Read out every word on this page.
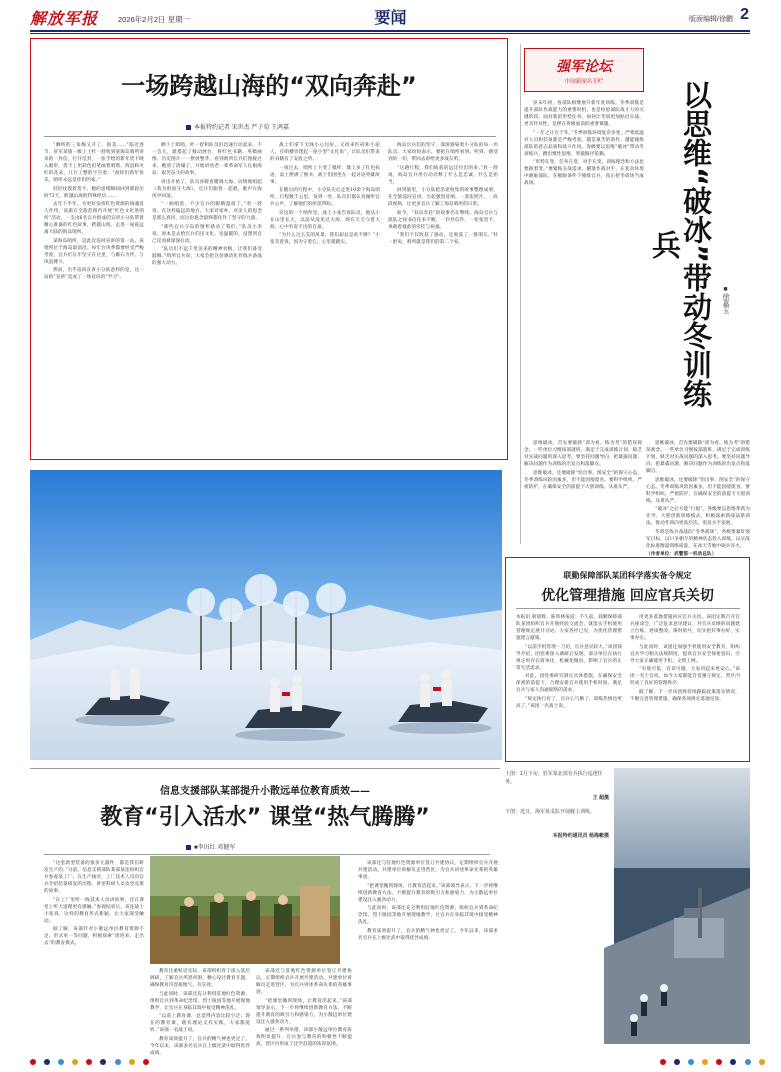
解放军报	2026年2月2日 星期一	要闻	版面编辑/徐鹏 2
一场跨越山海的“双向奔赴”
本报特约记者 宋世杰 严子荀 王鸿嘉

“晒所的三角梅又开了，很美……”临近春节，驻军某旅一级上士杜一舒收到某海岛哨所寄来的一封信，打开信封，一张手绘的新年贺卡映入眼帘，贺卡上用彩色铅笔画着哨塔、海浪和火红的花朵，几行工整的字写着：“祝你们新年快乐，哨所永远是你们的家。”

轻轻抚摸着贺卡，她的思绪瞬间回到那段历时72天、跨越山海的特殊经历……

去年下半年，为更好发挥红色资源的铸魂育人作用，该旅在全旅范围内开展“红色文化进哨所”活动，一支由6名官兵组成的宣讲小分队带着精心准备的红色故事，跨越山海，走进一座座远离大陆的海岛哨所。

某海岛哨所，是此次巡回宣讲的第一站。该哨所位于海岛最前沿，每年台风季都要经受严峻考验，官兵们长年坚守在这里，与礁石为伴、与风浪搏斗。

然而，出乎巡回宣讲小分队意料的是，这一站的“宣讲”竟成了一场双向的“学习”。

晒下上哨哨，杜一舒和队员们迅速行动起来。不一会儿，就搭起了移动展台，将红色书籍、英模画像、历史图片一一摆放整齐。看到哨所官兵们围拢过来，她清了清嗓子，开始讲述老一辈革命军人扎根海岛、艰苦奋斗的故事。

讲出开始了，队员喜暖喜暖调大海，动情地唱起《我为祖国守大海》，官兵们跟着一起唱，歌声在海风中回荡。

“一曲唱罢，不少官兵的眼睛湿润了。”杜一舒说，在这样偏远的地方，大家对家乡、对亲人的思念是那么真切，而这份思念最终都化作了坚守的力量。

“那些官兵守岛的情怀感动了我们。”队员小李说，原本是去给官兵们送文化、送温暖的，没想到自己反而被深深打动。

“队员们不远千里送来的精神食粮，让我们备受鼓舞。”哨所官兵说，大家会把这份感动化作练兵备战的强大动力。

战士们拿下无线小心包好，又找来红砖和小泥人，在哨楼旁建起一座小型“文化角”，让队员们带来的书籍有了安放之所。

一夜过去，哨所上下变了模样：墙上多了红色标语，桌上摆满了图书，战士们围坐在一起讨论英雄故事。

在随后的行程中，小分队先后走进10余个海岛哨所，行程数千公里。每到一处，队员们都认真倾听官兵心声，了解他们的所思所盼。

旁边的一个哨所里，战士小张告诉队员，他从小在山里长大，以前从没见过大海，现在天天守着大海，心中有说不出的自豪。

“为什么这么美的风景，我们却总是看不够？”小张笑着说，因为守着它，心里就踏实。

海岛官兵们的坚守，深深感染着小分队的每一名队员。大家纷纷表示，要把在哨所看到、听到、感受到的一切，带回去讲给更多战友听。

“这趟行程，我们收获的远比付出的多。”杜一舒说，海岛官兵用行动诠释了什么是忠诚、什么是担当。

回到旅里，小分队把沿途收集的故事整理成册，在全旅巡回宣讲，引起强烈反响。一张张照片、一段段视频，让更多官兵了解了海岛哨所的日常。

如今，“双向奔赴”的故事仍在继续。海岛官兵与旅队之间书信往来不断，一封封信件、一张张贺卡，承载着彼此的牵挂与祝福。

“我们不仅收获了感动，还收获了一群朋友。”杜一舒说，哨所就是我们的第二个家。

强军论坛
中国新闻名专栏

岁末年初，各部队相继展开新年度训练。冬季训练是提升部队作战能力的重要时机，也是检验部队战斗力的关键阶段。面对新的形势任务，如何让冬训更加贴近实战、更具针对性，是摆在各级面前的重要课题。

“一年之计在于冬。”冬季训练环境复杂多变，严寒低温对人员和装备都是严峻考验。越是艰苦的条件，越能锤炼部队的意志品质和战斗作风。各级要以思维“破冰”带动冬训练兵，跳出惯性思维，突破路径依赖。

“形势在变、任务在变、对手在变，训练理念和方法也要跟着变。”要紧贴实战需求，瞄准作战对手，在复杂环境中磨砺部队，在极限条件下锤炼官兵，真正把冬训场当成战场。	以思维“破冰”带动冬训练兵
■徐嘉玉

思维破冰，首先要破除“训为看、练为考”的错误观念。一些单位习惯按部就班，满足于完成训练计划，缺乏对实战问题的深入思考。要坚持问题导向，把暴露问题、解决问题作为训练的出发点和落脚点。

思维破冰，还要破除“怕出事、图安全”的保守心态。冬季训练风险因素多，但不能因噎废食。要科学组织、严密防护，在确保安全的前提下大胆训练、从难从严。

“破冰”之后方能“行船”。各级要以思维革新为先导，大胆创新训练模式，积极探索新战法新训法，推动冬训向更高层次、更高水平发展。

冬训是练兵备战的“冬季战场”，各级要紧盯强军目标，以只争朝夕的精神状态投入训练，以实战化标准衡量训练质量，在冰天雪地中砺兵淬火。

（作者单位：武警第一机动总队）

思维破冰，首先要破除“训为看、练为考”的错误观念。一些单位习惯按部就班，满足于完成训练计划，缺乏对实战问题的深入思考。要坚持问题导向，把暴露问题、解决问题作为训练的出发点和落脚点。

思维破冰，还要破除“怕出事、图安全”的保守心态。冬季训练风险因素多，但不能因噎废食。要科学组织、严密防护，在确保安全的前提下大胆训练、从难从严。

联勤保障部队某团科学落实备令规定
优化管理措施 回应官兵关切

本报讯 俞晨辉、陈炜林报道：不久前，联勤保障部队某团组织官兵开展经验交流会，就落实手机使用管理规定展开讨论。大家各抒己见，为优化管理措施建言献策。

“以前手机管理一刀切，官兵意见较大。”该团领导介绍，团党委深入调研后发现，部分单位在执行规定时存在简单化、机械化倾向，影响了官兵的正常生活需求。

对此，团党委研究制定具体措施，在确保安全保密的前提下，合理安排官兵使用手机时间，满足官兵与家人沟通联络的需求。

“规定执行好了，官兵心气顺了，训练热情也更高了。”该团一名战士说。

用更多落地措施回应官兵关切。该团定期召开官兵座谈会，广泛征求意见建议，对官兵反映的问题建立台账、逐项整改、限时销号，切实把好事办好、实事办实。

与此同时，该团还加强手机使用安全教育，组织官兵学习相关法规制度，提高官兵安全保密意识，引导大家正确使用手机、文明上网。

“有规可依、有章可循，大家用起来更安心。”该团一名士官说，如今大家都能自觉遵守规定，营区内形成了良好的管理秩序。

据了解，下一步该团将持续跟踪政策落实情况，不断完善管理措施，确保各项规定落地见效。

上图：1月下旬，驻军某北部官兵执行巡逻任务。
王 超摄
下图：近日，海军某支队开展舰上训练。
本报特约通讯员 杨海艇摄
信息支援部队某部提升小散远单位教育质效——
教育“引入活水” 课堂“热气腾腾”
■李田红 邓健军

“这套新型装备的很多元器件，都是我们研发生产的。”日前，信息支援部队某部某连组织官兵参观某工厂。在生产线旁，工厂技术人员向官兵介绍装备研发的历程，讲述科研人员攻坚克难的故事。

“在工厂里听一线技术人员讲故事，比在课堂上听大道理更有感触。”参观结束后，该连战士小张说，这样的教育形式新颖，让大家深受触动。

据了解，该部针对小散远单位教育资源不足、形式单一等问题，积极探索“请进来、走出去”的教育模式。

教育注重贴近实际。该部组织骨干深入基层调研，了解官兵所思所盼，精心设计教育专题，确保教育内容接地气、有实效。

与此同时，该部还充分利用驻地红色资源，组织官兵到革命纪念馆、烈士陵园等地开展现地教学，让官兵在身临其境中接受精神洗礼。

“以前上教育课，总觉得内容比较空泛；现在的教育课，既有理论又有实践，大家都爱听。”该部一名战士说。

教育质效提升了，官兵的精气神也更足了。今年以来，该部多名官兵在上级比武中取得优异成绩。

该部还与驻地红色资源单位签订共建协议，定期组织官兵开展共建活动。共建单位讲解员走进营区，为官兵讲述革命先辈的英雄事迹。

“把课堂搬到现场，让教育活起来。”该部领导表示，下一步将继续创新教育方法，不断提升教育的吸引力和感染力，为小散远单位建设注入强劲动力。

通过一系列举措，该部小散远单位教育质效明显提升，官兵参与教育的积极性不断提高，营区内形成了比学赶超的浓厚氛围。

该部还与驻地红色资源单位签订共建协议，定期组织官兵开展共建活动。共建单位讲解员走进营区，为官兵讲述革命先辈的英雄事迹。

“把课堂搬到现场，让教育活起来。”该部领导表示，下一步将继续创新教育方法，不断提升教育的吸引力和感染力，为小散远单位建设注入强劲动力。

与此同时，该部还充分利用驻地红色资源，组织官兵到革命纪念馆、烈士陵园等地开展现地教学，让官兵在身临其境中接受精神洗礼。

教育质效提升了，官兵的精气神也更足了。今年以来，该部多名官兵在上级比武中取得优异成绩。
